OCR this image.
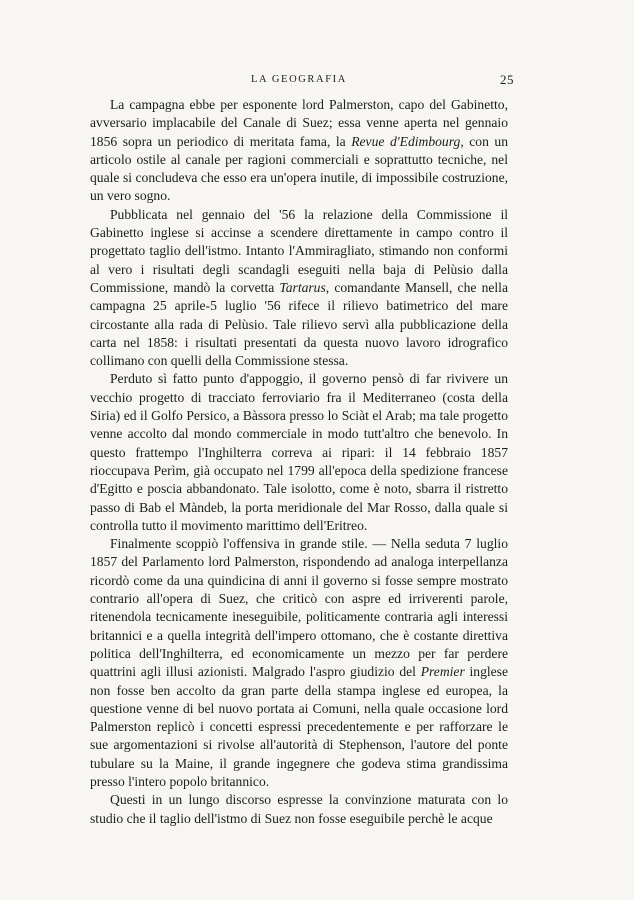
LA GEOGRAFIA	25

La campagna ebbe per esponente lord Palmerston, capo del Gabinetto, avversario implacabile del Canale di Suez; essa venne aperta nel gennaio 1856 sopra un periodico di meritata fama, la Revue d'Edimbourg, con un articolo ostile al canale per ragioni commerciali e soprattutto tecniche, nel quale si concludeva che esso era un'opera inutile, di impossibile costruzione, un vero sogno.

Pubblicata nel gennaio del '56 la relazione della Commissione il Gabinetto inglese si accinse a scendere direttamente in campo contro il progettato taglio dell'istmo. Intanto l'Ammiragliato, stimando non conformi al vero i risultati degli scandagli eseguiti nella baja di Pelùsio dalla Commissione, mandò la corvetta Tartarus, comandante Mansell, che nella campagna 25 aprile-5 luglio '56 rifece il rilievo batimetrico del mare circostante alla rada di Pelùsio. Tale rilievo servì alla pubblicazione della carta nel 1858: i risultati presentati da questa nuovo lavoro idrografico collimano con quelli della Commissione stessa.

Perduto sì fatto punto d'appoggio, il governo pensò di far rivivere un vecchio progetto di tracciato ferroviario fra il Mediterraneo (costa della Siria) ed il Golfo Persico, a Bàssora presso lo Sciàt el Arab; ma tale progetto venne accolto dal mondo commerciale in modo tutt'altro che benevolo. In questo frattempo l'Inghilterra correva ai ripari: il 14 febbraio 1857 rioccupava Perìm, già occupato nel 1799 all'epoca della spedizione francese d'Egitto e poscia abbandonato. Tale isolotto, come è noto, sbarra il ristretto passo di Bab el Màndeb, la porta meridionale del Mar Rosso, dalla quale si controlla tutto il movimento marittimo dell'Eritreo.

Finalmente scoppiò l'offensiva in grande stile. — Nella seduta 7 luglio 1857 del Parlamento lord Palmerston, rispondendo ad analoga interpellanza ricordò come da una quindicina di anni il governo si fosse sempre mostrato contrario all'opera di Suez, che criticò con aspre ed irriverenti parole, ritenendola tecnicamente ineseguibile, politicamente contraria agli interessi britannici e a quella integrità dell'impero ottomano, che è costante direttiva politica dell'Inghilterra, ed economicamente un mezzo per far perdere quattrini agli illusi azionisti. Malgrado l'aspro giudizio del Premier inglese non fosse ben accolto da gran parte della stampa inglese ed europea, la questione venne di bel nuovo portata ai Comuni, nella quale occasione lord Palmerston replicò i concetti espressi precedentemente e per rafforzare le sue argomentazioni si rivolse all'autorità di Stephenson, l'autore del ponte tubulare su la Maine, il grande ingegnere che godeva stima grandissima presso l'intero popolo britannico.

Questi in un lungo discorso espresse la convinzione maturata con lo studio che il taglio dell'istmo di Suez non fosse eseguibile perchè le acque
